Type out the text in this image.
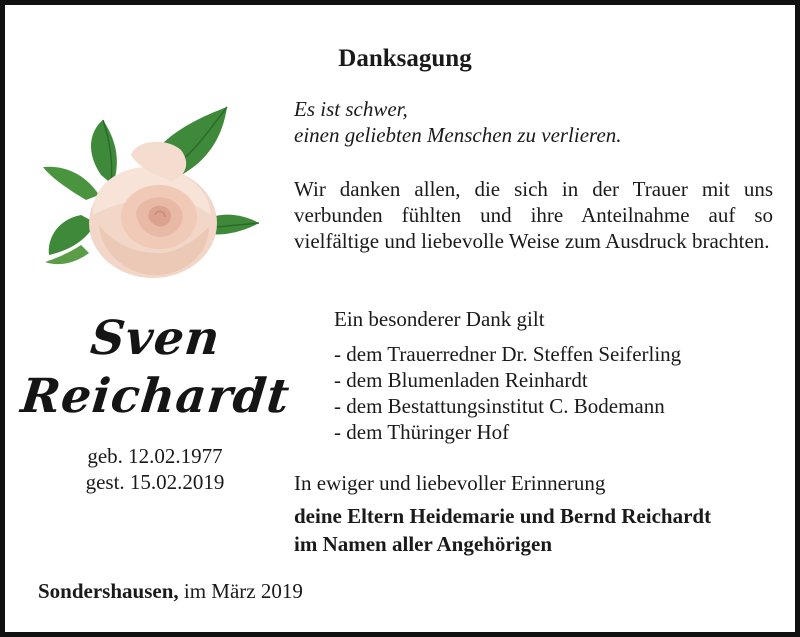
Danksagung
Es ist schwer,
einen geliebten Menschen zu verlieren.
Wir danken allen, die sich in der Trauer mit uns verbunden fühlten und ihre Anteilnahme auf so vielfältige und liebevolle Weise zum Ausdruck brachten.
Ein besonderer Dank gilt
- dem Trauerredner Dr. Steffen Seiferling
- dem Blumenladen Reinhardt
- dem Bestattungsinstitut C. Bodemann
- dem Thüringer Hof
In ewiger und liebevoller Erinnerung
deine Eltern Heidemarie und Bernd Reichardt
im Namen aller Angehörigen
Sven
Reichardt
geb. 12.02.1977
gest. 15.02.2019
Sondershausen, im März 2019
